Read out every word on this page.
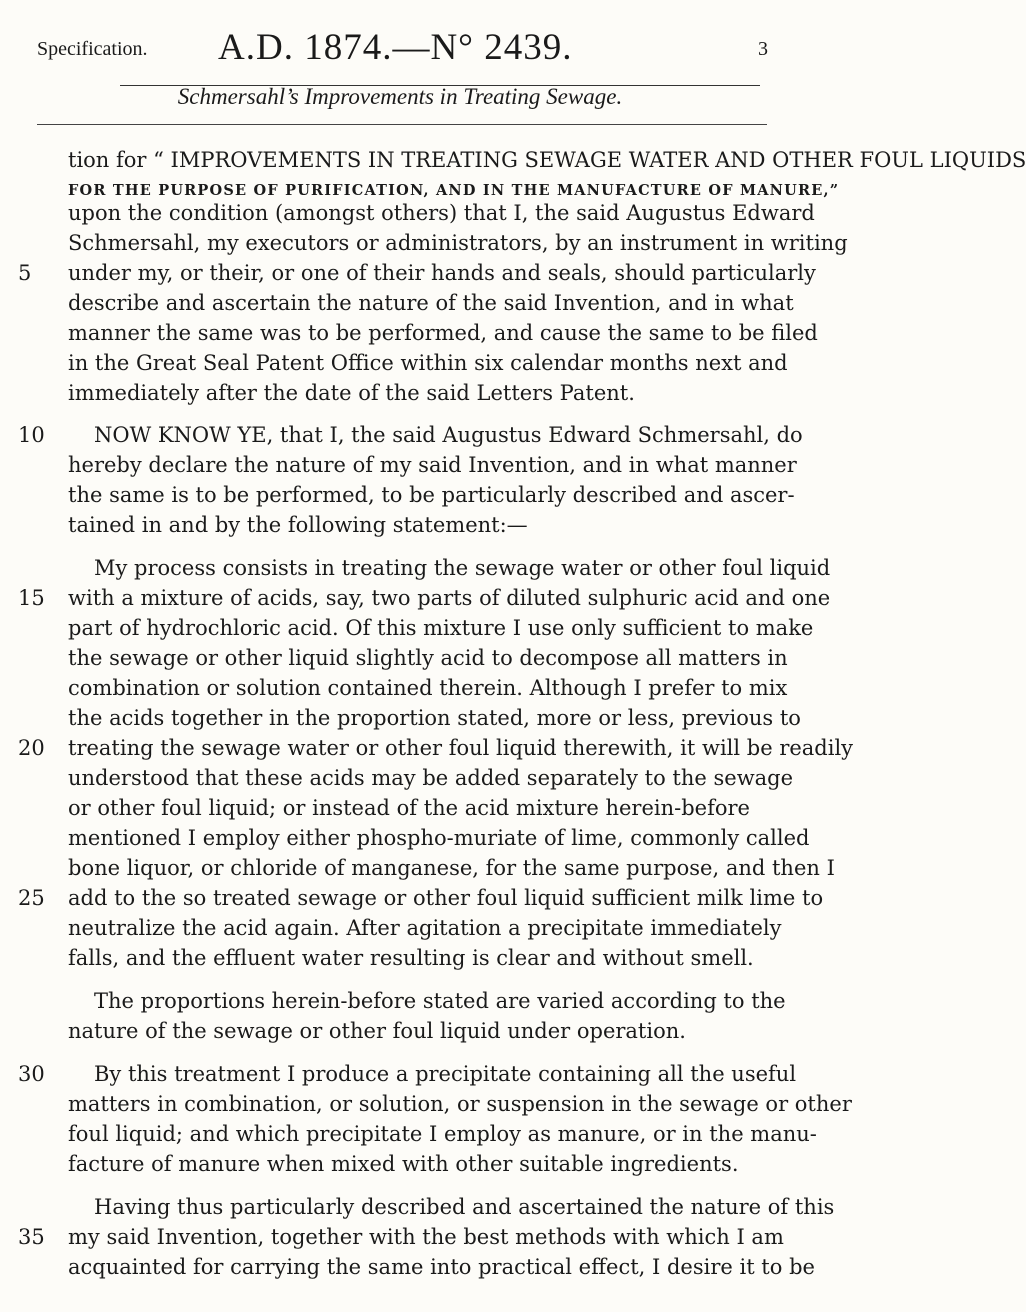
Specification. A.D. 1874.—N° 2439.	3
Schmersahl’s Improvements in Treating Sewage.
tion for “ IMPROVEMENTS IN TREATING SEWAGE WATER AND OTHER FOUL LIQUIDS
FOR THE PURPOSE OF PURIFICATION, AND IN THE MANUFACTURE OF MANURE,”
upon the condition (amongst others) that I, the said Augustus Edward
Schmersahl, my executors or administrators, by an instrument in writing
under my, or their, or one of their hands and seals, should particularly
describe and ascertain the nature of the said Invention, and in what
manner the same was to be performed, and cause the same to be filed
in the Great Seal Patent Office within six calendar months next and
immediately after the date of the said Letters Patent.
NOW KNOW YE, that I, the said Augustus Edward Schmersahl, do
hereby declare the nature of my said Invention, and in what manner
the same is to be performed, to be particularly described and ascer-
tained in and by the following statement:—
My process consists in treating the sewage water or other foul liquid
with a mixture of acids, say, two parts of diluted sulphuric acid and one
part of hydrochloric acid. Of this mixture I use only sufficient to make
the sewage or other liquid slightly acid to decompose all matters in
combination or solution contained therein. Although I prefer to mix
the acids together in the proportion stated, more or less, previous to
treating the sewage water or other foul liquid therewith, it will be readily
understood that these acids may be added separately to the sewage
or other foul liquid; or instead of the acid mixture herein-before
mentioned I employ either phospho-muriate of lime, commonly called
bone liquor, or chloride of manganese, for the same purpose, and then I
add to the so treated sewage or other foul liquid sufficient milk lime to
neutralize the acid again. After agitation a precipitate immediately
falls, and the effluent water resulting is clear and without smell.
The proportions herein-before stated are varied according to the
nature of the sewage or other foul liquid under operation.
By this treatment I produce a precipitate containing all the useful
matters in combination, or solution, or suspension in the sewage or other
foul liquid; and which precipitate I employ as manure, or in the manu-
facture of manure when mixed with other suitable ingredients.
Having thus particularly described and ascertained the nature of this
my said Invention, together with the best methods with which I am
acquainted for carrying the same into practical effect, I desire it to be
5
10
15
20
25
30
35
